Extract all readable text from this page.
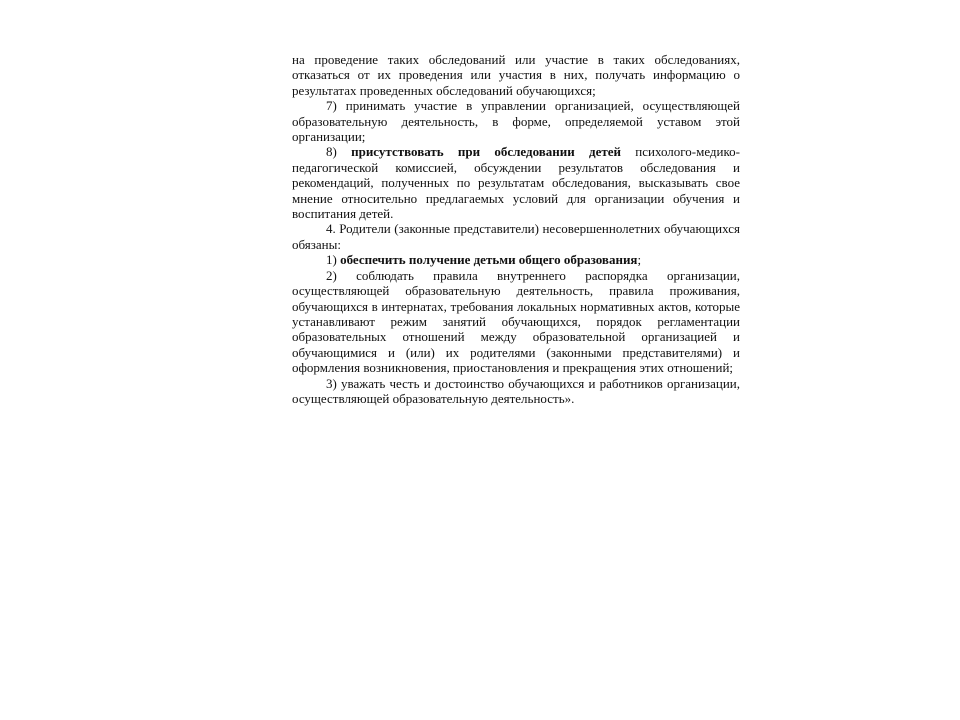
на проведение таких обследований или участие в таких обследованиях, отказаться от их проведения или участия в них, получать информацию о результатах проведенных обследований обучающихся;

7) принимать участие в управлении организацией, осуществляющей образовательную деятельность, в форме, определяемой уставом этой организации;

8) присутствовать при обследовании детей психолого-медико-педагогической комиссией, обсуждении результатов обследования и рекомендаций, полученных по результатам обследования, высказывать свое мнение относительно предлагаемых условий для организации обучения и воспитания детей.

4. Родители (законные представители) несовершеннолетних обучающихся обязаны:

1) обеспечить получение детьми общего образования;

2) соблюдать правила внутреннего распорядка организации, осуществляющей образовательную деятельность, правила проживания, обучающихся в интернатах, требования локальных нормативных актов, которые устанавливают режим занятий обучающихся, порядок регламентации образовательных отношений между образовательной организацией и обучающимися и (или) их родителями (законными представителями) и оформления возникновения, приостановления и прекращения этих отношений;

3) уважать честь и достоинство обучающихся и работников организации, осуществляющей образовательную деятельность».
